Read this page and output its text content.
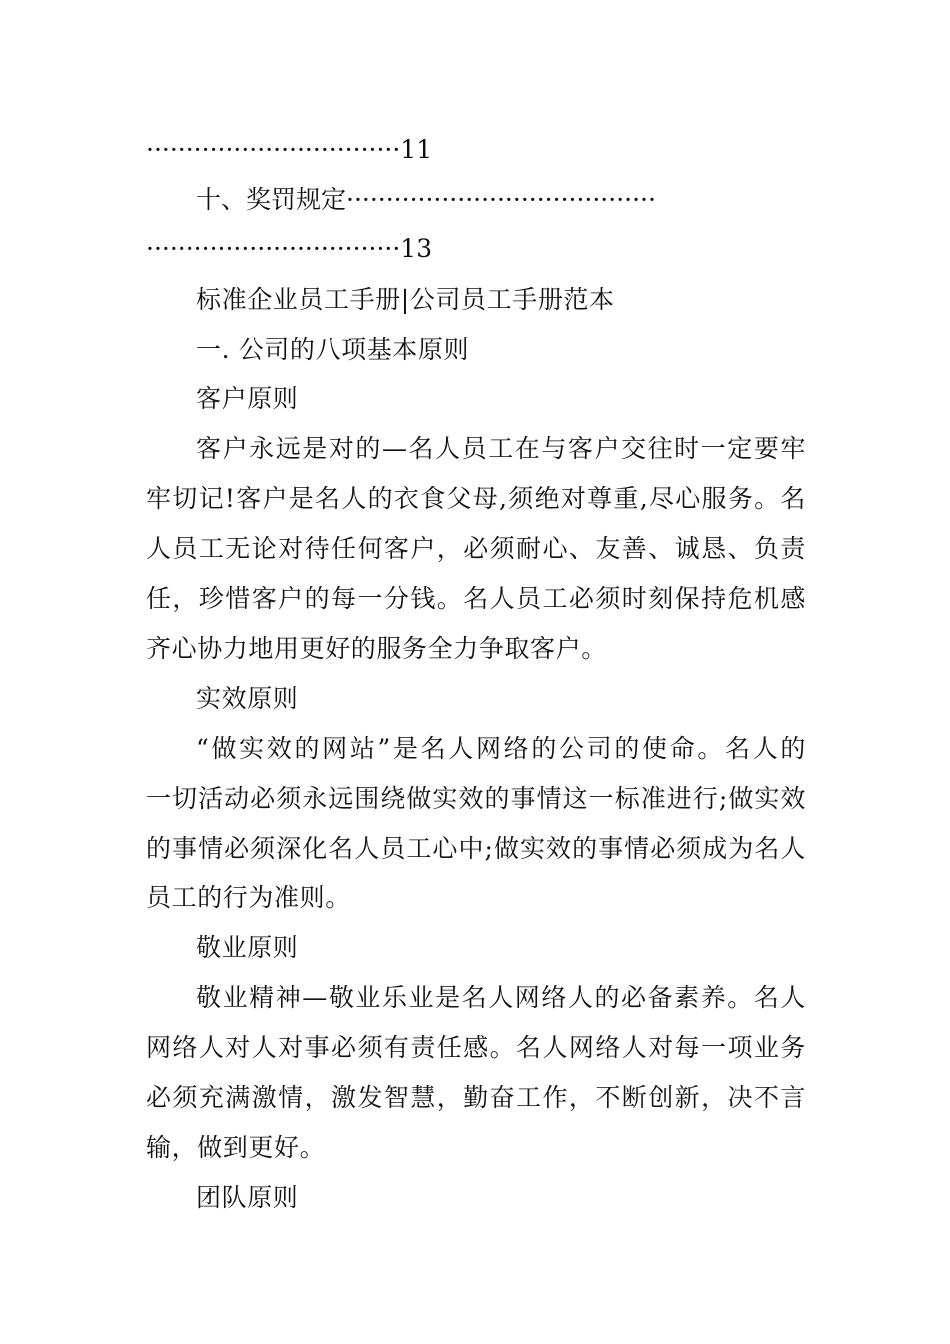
································11
十、奖罚规定·······································
································13
标准企业员工手册|公司员工手册范本
一. 公司的八项基本原则
客户原则
客户永远是对的—名人员工在与客户交往时一定要牢
牢切记!客户是名人的衣食父母,须绝对尊重,尽心服务。名
人员工无论对待任何客户，必须耐心、友善、诚恳、负责
任，珍惜客户的每一分钱。名人员工必须时刻保持危机感
齐心协力地用更好的服务全力争取客户。
实效原则
“做实效的网站”是名人网络的公司的使命。名人的
一切活动必须永远围绕做实效的事情这一标准进行;做实效
的事情必须深化名人员工心中;做实效的事情必须成为名人
员工的行为准则。
敬业原则
敬业精神—敬业乐业是名人网络人的必备素养。名人
网络人对人对事必须有责任感。名人网络人对每一项业务
必须充满激情，激发智慧，勤奋工作，不断创新，决不言
输，做到更好。
团队原则
